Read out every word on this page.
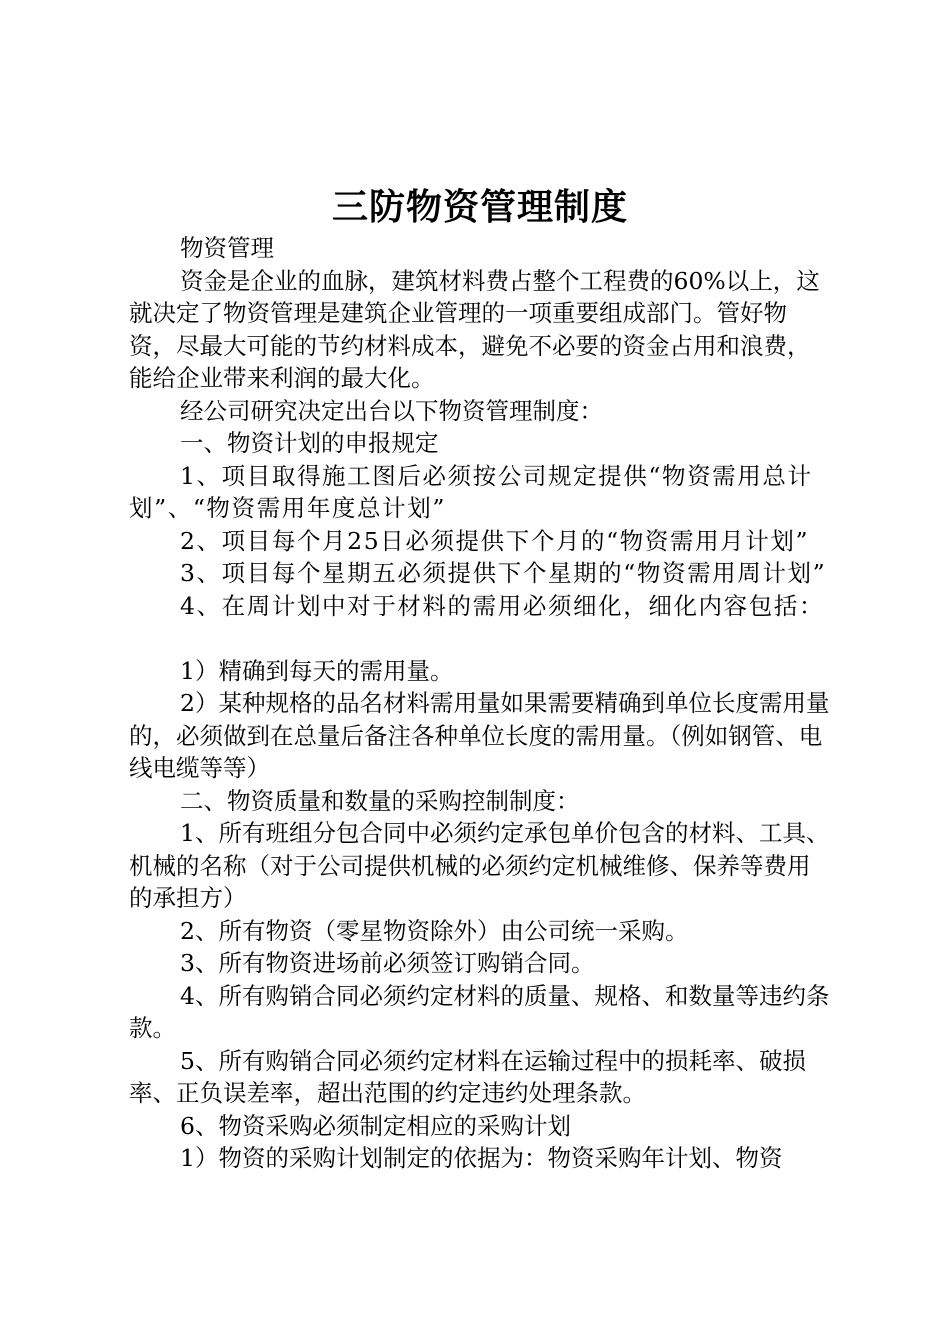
三防物资管理制度

物资管理

资金是企业的血脉，建筑材料费占整个工程费的60%以上，这就决定了物资管理是建筑企业管理的一项重要组成部门。管好物资，尽最大可能的节约材料成本，避免不必要的资金占用和浪费，能给企业带来利润的最大化。

经公司研究决定出台以下物资管理制度：

一、物资计划的申报规定

1、项目取得施工图后必须按公司规定提供“物资需用总计划”、“物资需用年度总计划”

2、项目每个月25日必须提供下个月的“物资需用月计划”

3、项目每个星期五必须提供下个星期的“物资需用周计划”

4、在周计划中对于材料的需用必须细化，细化内容包括：

1）精确到每天的需用量。

2）某种规格的品名材料需用量如果需要精确到单位长度需用量的，必须做到在总量后备注各种单位长度的需用量。（例如钢管、电线电缆等等）

二、物资质量和数量的采购控制制度：

1、所有班组分包合同中必须约定承包单价包含的材料、工具、机械的名称（对于公司提供机械的必须约定机械维修、保养等费用的承担方）

2、所有物资（零星物资除外）由公司统一采购。

3、所有物资进场前必须签订购销合同。

4、所有购销合同必须约定材料的质量、规格、和数量等违约条款。

5、所有购销合同必须约定材料在运输过程中的损耗率、破损率、正负误差率，超出范围的约定违约处理条款。

6、物资采购必须制定相应的采购计划

1）物资的采购计划制定的依据为：物资采购年计划、物资
